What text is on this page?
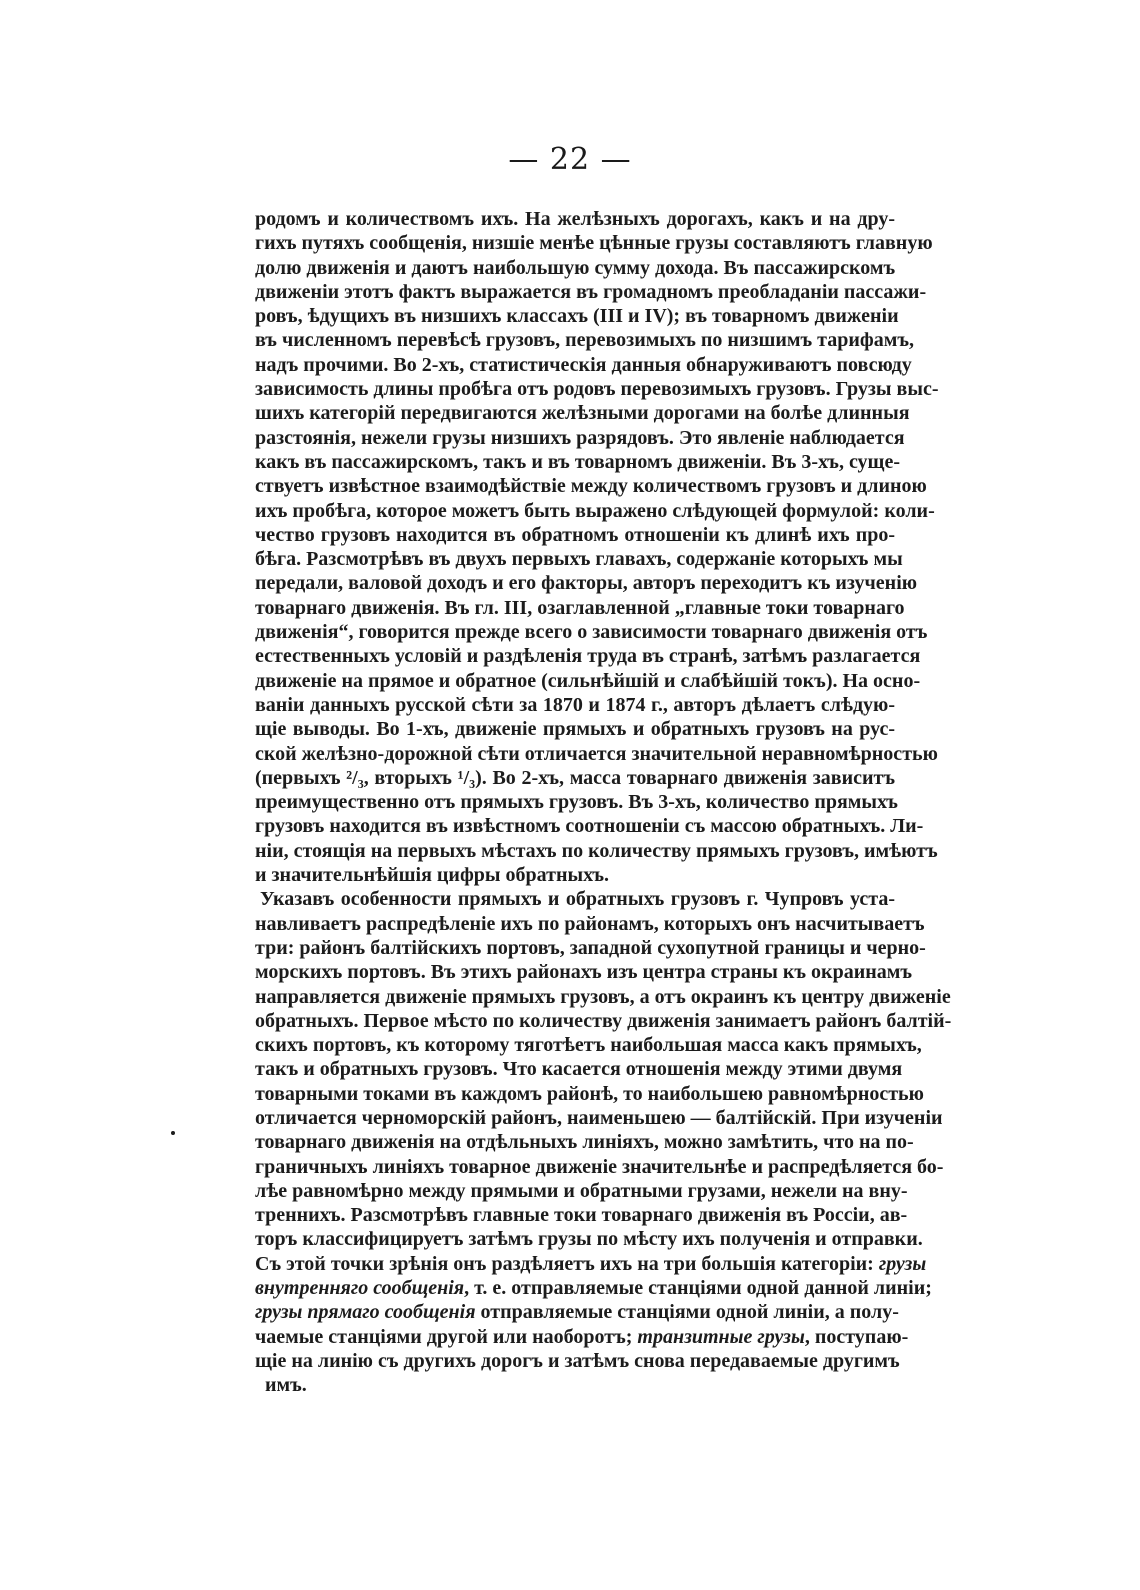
— 22 —

родомъ и количествомъ ихъ. На желѣзныхъ дорогахъ, какъ и на дру-
гихъ путяхъ сообщенія, низшіе менѣе цѣнные грузы составляютъ главную
долю движенія и даютъ наибольшую сумму дохода. Въ пассажирскомъ
движеніи этотъ фактъ выражается въ громадномъ преобладаніи пассажи-
ровъ, ѣдущихъ въ низшихъ классахъ (III и IV); въ товарномъ движеніи
въ численномъ перевѣсѣ грузовъ, перевозимыхъ по низшимъ тарифамъ,
надъ прочими. Во 2-хъ, статистическія данныя обнаруживаютъ повсюду
зависимость длины пробѣга отъ родовъ перевозимыхъ грузовъ. Грузы выс-
шихъ категорій передвигаются желѣзными дорогами на болѣе длинныя
разстоянія, нежели грузы низшихъ разрядовъ. Это явленіе наблюдается
какъ въ пассажирскомъ, такъ и въ товарномъ движеніи. Въ 3-хъ, суще-
ствуетъ извѣстное взаимодѣйствіе между количествомъ грузовъ и длиною
ихъ пробѣга, которое можетъ быть выражено слѣдующей формулой: коли-
чество грузовъ находится въ обратномъ отношеніи къ длинѣ ихъ про-
бѣга. Разсмотрѣвъ въ двухъ первыхъ главахъ, содержаніе которыхъ мы
передали, валовой доходъ и его факторы, авторъ переходитъ къ изученію
товарнаго движенія. Въ гл. III, озаглавленной „главные токи товарнаго
движенія“, говорится прежде всего о зависимости товарнаго движенія отъ
естественныхъ условій и раздѣленія труда въ странѣ, затѣмъ разлагается
движеніе на прямое и обратное (сильнѣйшій и слабѣйшій токъ). На осно-
ваніи данныхъ русской сѣти за 1870 и 1874 г., авторъ дѣлаетъ слѣдую-
щіе выводы. Во 1-хъ, движеніе прямыхъ и обратныхъ грузовъ на рус-
ской желѣзно-дорожной сѣти отличается значительной неравномѣрностью
(первыхъ ²/₃, вторыхъ ¹/₃). Во 2-хъ, масса товарнаго движенія зависитъ
преимущественно отъ прямыхъ грузовъ. Въ 3-хъ, количество прямыхъ
грузовъ находится въ извѣстномъ соотношеніи съ массою обратныхъ. Ли-
ніи, стоящія на первыхъ мѣстахъ по количеству прямыхъ грузовъ, имѣютъ
и значительнѣйшія цифры обратныхъ.
Указавъ особенности прямыхъ и обратныхъ грузовъ г. Чупровъ уста-
навливаетъ распредѣленіе ихъ по районамъ, которыхъ онъ насчитываетъ
три: районъ балтійскихъ портовъ, западной сухопутной границы и черно-
морскихъ портовъ. Въ этихъ районахъ изъ центра страны къ окраинамъ
направляется движеніе прямыхъ грузовъ, а отъ окраинъ къ центру движеніе
обратныхъ. Первое мѣсто по количеству движенія занимаетъ районъ балтій-
скихъ портовъ, къ которому тяготѣетъ наибольшая масса какъ прямыхъ,
такъ и обратныхъ грузовъ. Что касается отношенія между этими двумя
товарными токами въ каждомъ районѣ, то наибольшею равномѣрностью
отличается черноморскій районъ, наименьшею — балтійскій. При изученіи
товарнаго движенія на отдѣльныхъ линіяхъ, можно замѣтить, что на по-
граничныхъ линіяхъ товарное движеніе значительнѣе и распредѣляется бо-
лѣе равномѣрно между прямыми и обратными грузами, нежели на вну-
треннихъ. Разсмотрѣвъ главные токи товарнаго движенія въ Россіи, ав-
торъ классифицируетъ затѣмъ грузы по мѣсту ихъ полученія и отправки.
Съ этой точки зрѣнія онъ раздѣляетъ ихъ на три большія категоріи: грузы
внутренняго сообщенія, т. е. отправляемые станціями одной данной линіи;
грузы прямаго сообщенія отправляемые станціями одной линіи, а полу-
чаемые станціями другой или наоборотъ; транзитные грузы, поступаю-
щіе на линію съ другихъ дорогъ и затѣмъ снова передаваемые другимъ
имъ.
